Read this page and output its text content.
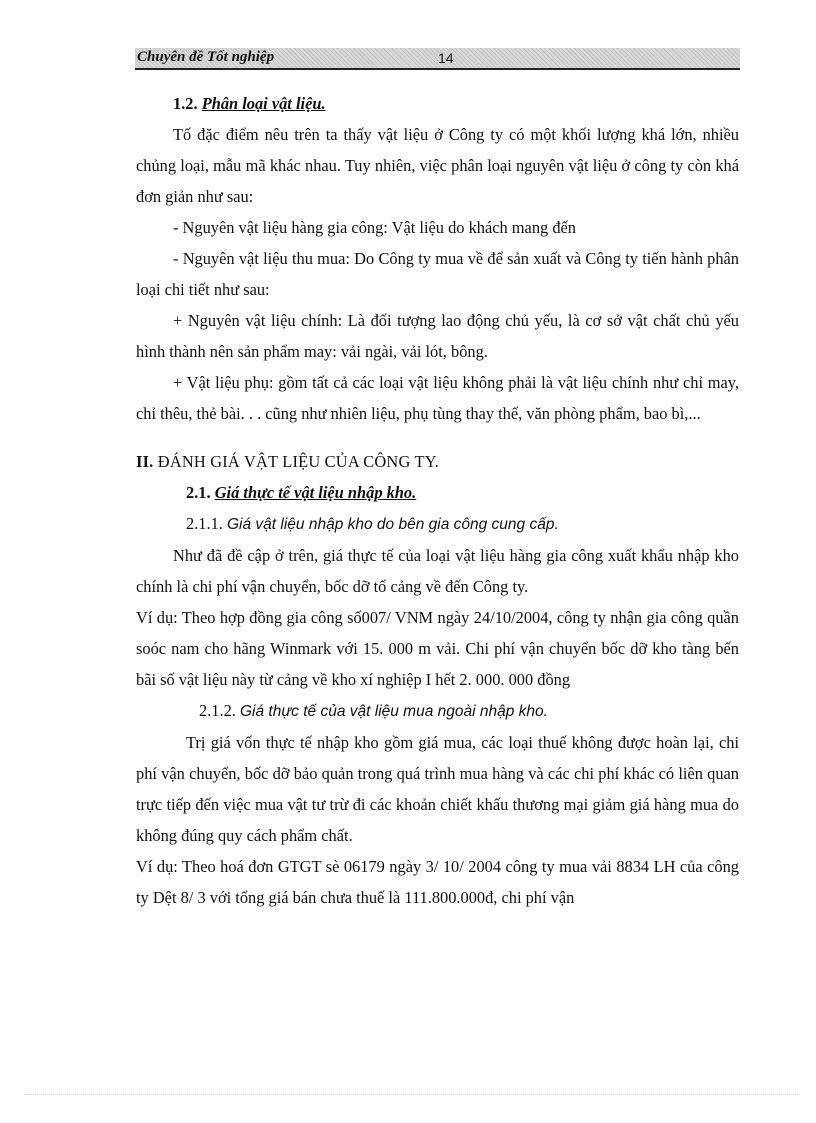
Chuyên đề Tốt nghiệp	14

1.2. Phân loại vật liệu.

Tố đặc điểm nêu trên ta thấy vật liệu ở Công ty có một khối lượng khá lớn, nhiều chủng loại, mẫu mã khác nhau. Tuy nhiên, việc phân loại nguyên vật liệu ở công ty còn khá đơn giản như sau:

- Nguyên vật liệu hàng gia công: Vật liệu do khách mang đến

- Nguyên vật liệu thu mua: Do Công ty mua về để sản xuất và Công ty tiến hành phân loại chi tiết như sau:

+ Nguyên vật liệu chính: Là đối tượng lao động chủ yếu, là cơ sở vật chất chủ yếu hình thành nên sản phẩm may: vải ngài, vải lót, bông.

+ Vật liệu phụ: gồm tất cả các loại vật liệu không phải là vật liệu chính như chỉ may, chỉ thêu, thẻ bài. . . cũng như nhiên liệu, phụ tùng thay thế, văn phòng phẩm, bao bì,...

II. ĐÁNH GIÁ VẬT LIỆU CỦA CÔNG TY.

2.1. Giá thực tế vật liệu nhập kho.

2.1.1. Giá vật liệu nhập kho do bên gia công cung cấp.

Như đã đề cập ở trên, giá thực tế của loại vật liệu hàng gia công xuất khẩu nhập kho chính là chi phí vận chuyển, bốc dỡ tố cảng về đến Công ty.

Ví dụ: Theo hợp đồng gia công số007/ VNM ngày 24/10/2004, công ty nhận gia công quần soóc nam cho hãng Winmark với 15. 000 m vải. Chi phí vận chuyển bốc dỡ kho tàng bến bãi số vật liệu này từ cảng về kho xí nghiệp I hết 2. 000. 000 đồng

2.1.2. Giá thực tế của vật liệu mua ngoài nhập kho.

Trị giá vốn thực tế nhập kho gồm giá mua, các loại thuế không được hoàn lại, chi phí vận chuyển, bốc dỡ bảo quản trong quá trình mua hàng và các chi phí khác có liên quan trực tiếp đến việc mua vật tư trừ đi các khoản chiết khấu thương mại giảm giá hàng mua do không đúng quy cách phẩm chất.

Ví dụ: Theo hoá đơn GTGT sè 06179 ngày 3/ 10/ 2004 công ty mua vải 8834 LH của công ty Dệt 8/ 3 với tổng giá bán chưa thuế là 111.800.000đ, chi phí vận
